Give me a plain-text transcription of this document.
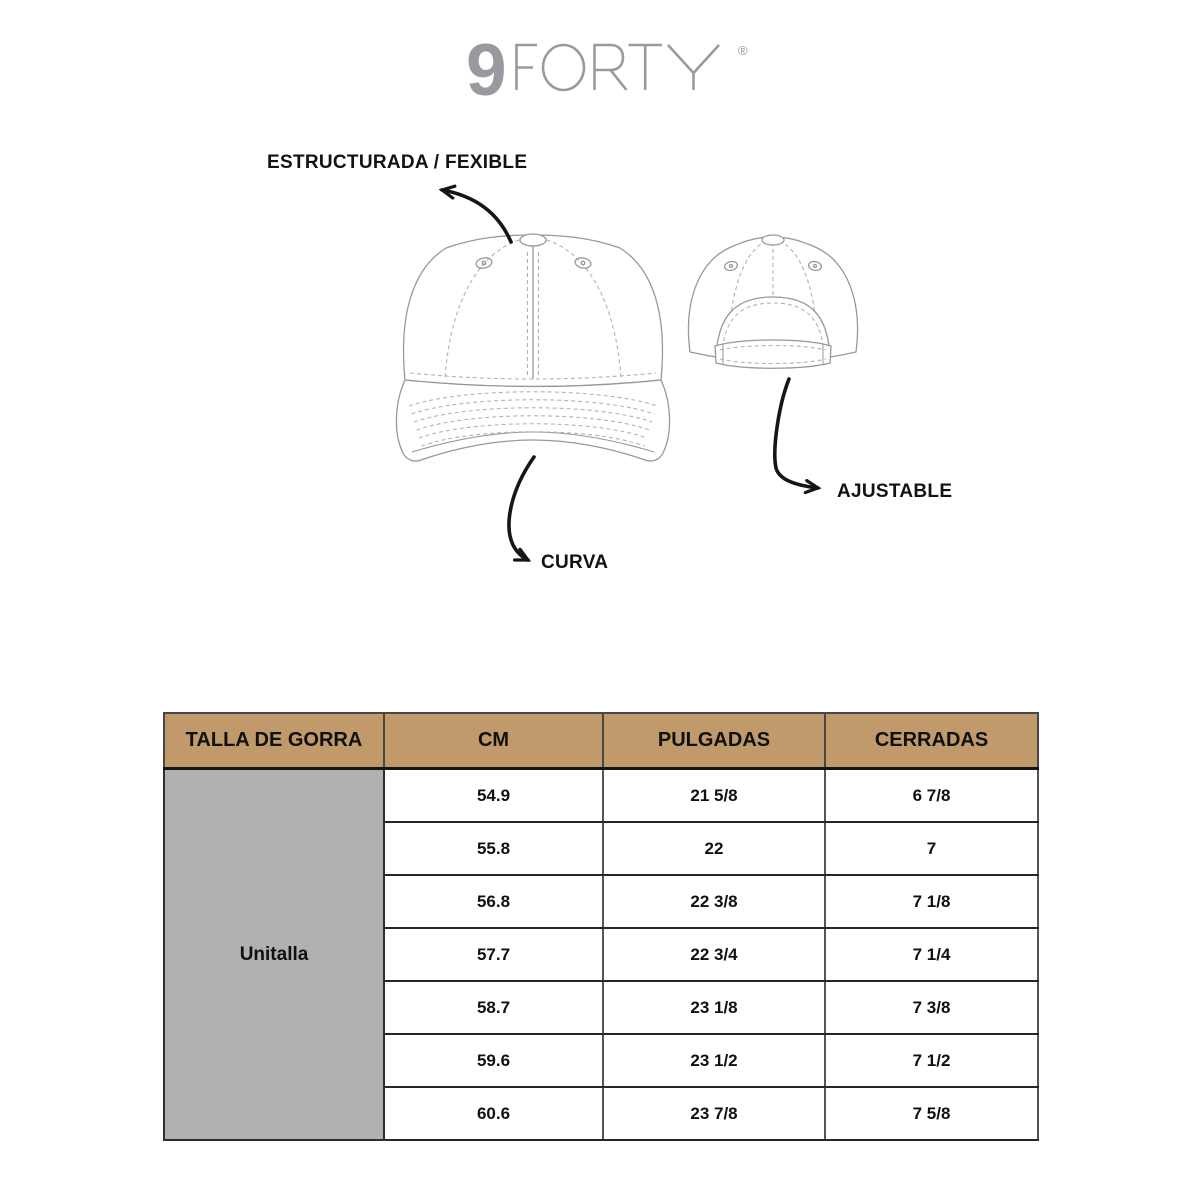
9	®
ESTRUCTURADA / FEXIBLE
CURVA
AJUSTABLE
TALLA DE GORRA	CM	PULGADAS	CERRADAS
Unitalla	54.9	21 5/8	6 7/8
	55.8	22	7
	56.8	22 3/8	7 1/8
	57.7	22 3/4	7 1/4
	58.7	23 1/8	7 3/8
	59.6	23 1/2	7 1/2
	60.6	23 7/8	7 5/8
